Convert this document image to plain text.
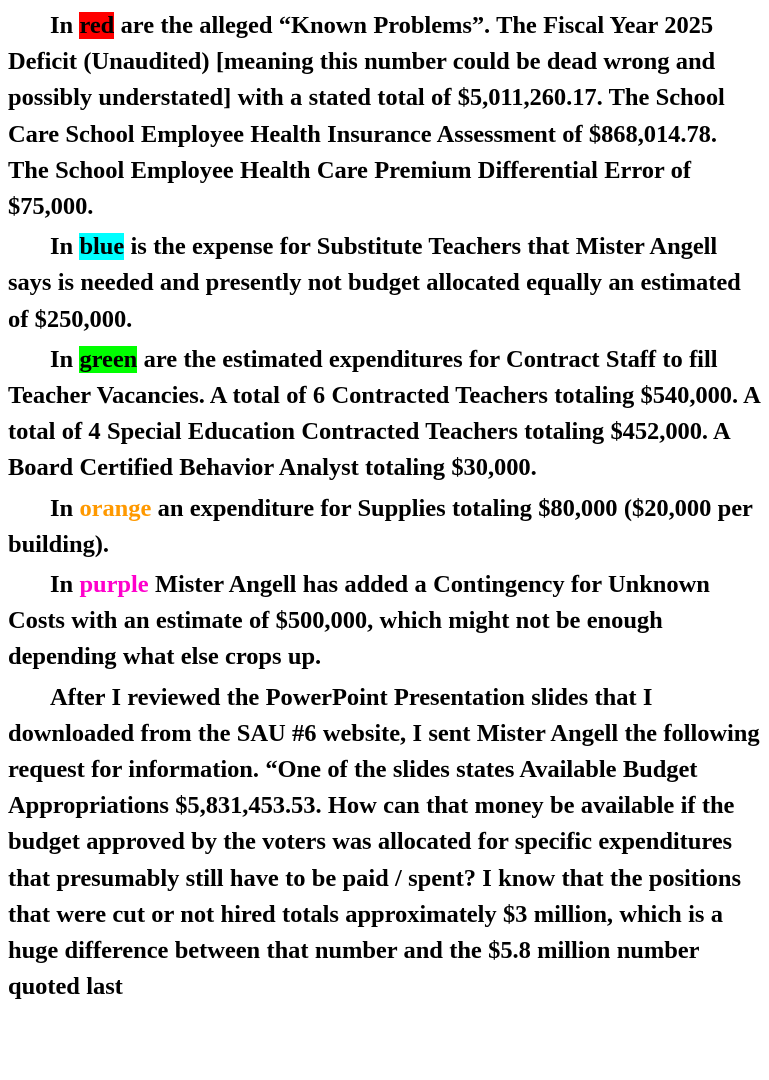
In red are the alleged “Known Problems”. The Fiscal Year 2025 Deficit (Unaudited) [meaning this number could be dead wrong and possibly understated] with a stated total of $5,011,260.17. The School Care School Employee Health Insurance Assessment of $868,014.78. The School Employee Health Care Premium Differential Error of $75,000.

In blue is the expense for Substitute Teachers that Mister Angell says is needed and presently not budget allocated equally an estimated of $250,000.

In green are the estimated expenditures for Contract Staff to fill Teacher Vacancies. A total of 6 Contracted Teachers totaling $540,000. A total of 4 Special Education Contracted Teachers totaling $452,000. A Board Certified Behavior Analyst totaling $30,000.

In orange an expenditure for Supplies totaling $80,000 ($20,000 per building).

In purple Mister Angell has added a Contingency for Unknown Costs with an estimate of $500,000, which might not be enough depending what else crops up.

After I reviewed the PowerPoint Presentation slides that I downloaded from the SAU #6 website, I sent Mister Angell the following request for information. “One of the slides states Available Budget Appropriations $5,831,453.53. How can that money be available if the budget approved by the voters was allocated for specific expenditures that presumably still have to be paid / spent? I know that the positions that were cut or not hired totals approximately $3 million, which is a huge difference between that number and the $5.8 million number quoted last
